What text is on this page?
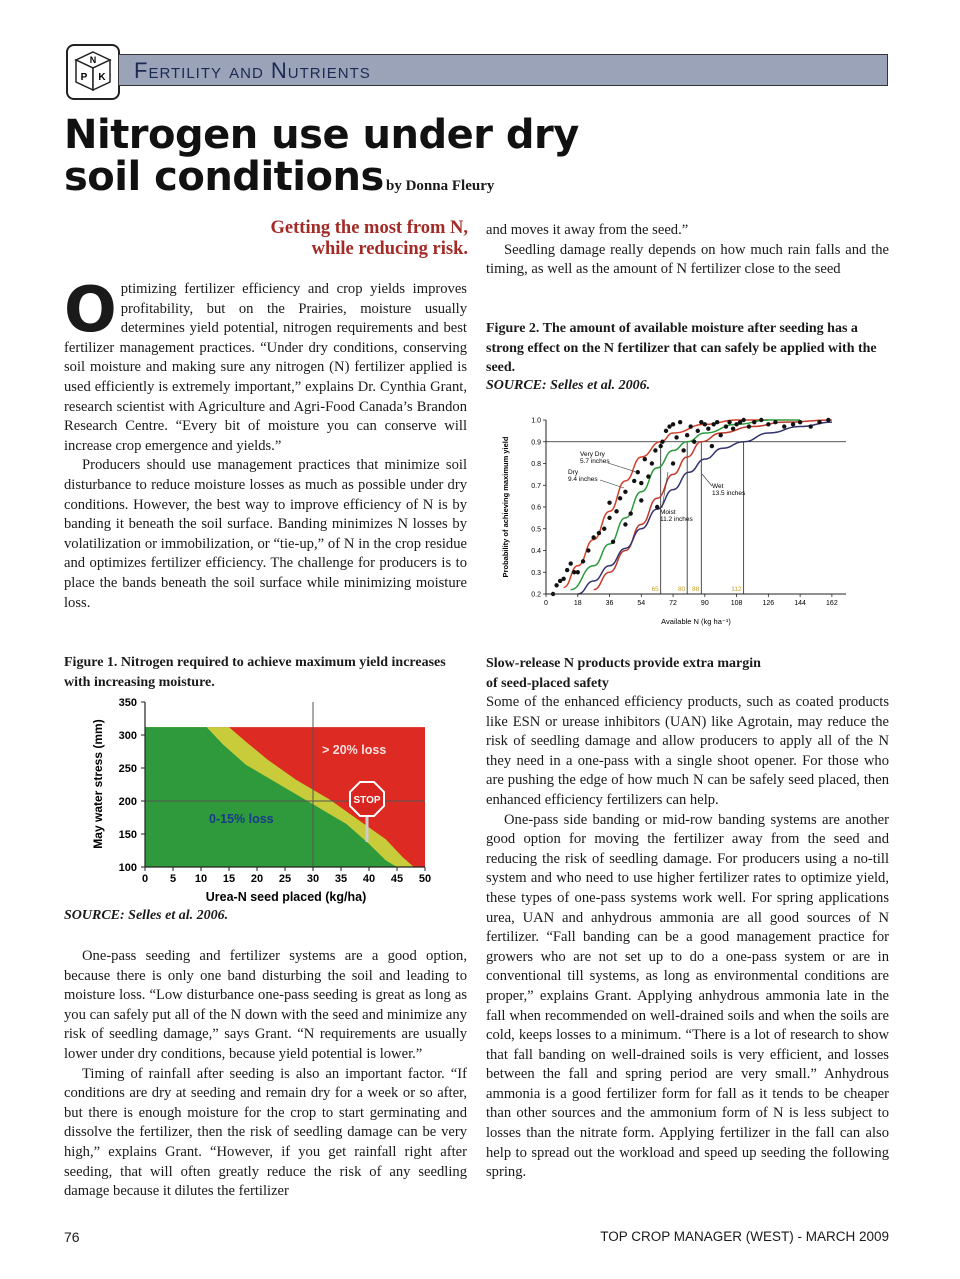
N
P K Fertility and Nutrients
Nitrogen use under dry
soil conditions by Donna Fleury
Getting the most from N,
while reducing risk.

Optimizing fertilizer efficiency and crop yields improves profitability, but on the Prairies, moisture usually determines yield potential, nitrogen requirements and best fertilizer management practices. “Under dry conditions, conserving soil moisture and making sure any nitrogen (N) fertilizer applied is used efficiently is extremely important,” explains Dr. Cynthia Grant, research scientist with Agriculture and Agri-Food Canada’s Brandon Research Centre. “Every bit of moisture you can conserve will increase crop emergence and yields.”

Producers should use management practices that minimize soil disturbance to reduce moisture losses as much as possible under dry conditions. However, the best way to improve efficiency of N is by banding it beneath the soil surface. Banding minimizes N losses by volatilization or immobilization, or “tie-up,” of N in the crop residue and optimizes fertilizer efficiency. The challenge for producers is to place the bands beneath the soil surface while minimizing moisture loss.

Figure 1. Nitrogen required to achieve maximum yield increases with increasing moisture.
0 5 10 15 20 25 30 35 40 45 50
100
150
200
250
300
350
> 20% loss
0-15% loss
STOP
Urea-N seed placed (kg/ha)
May water stress (mm)
SOURCE: Selles et al. 2006.

One-pass seeding and fertilizer systems are a good option, because there is only one band disturbing the soil and leading to moisture loss. “Low disturbance one-pass seeding is great as long as you can safely put all of the N down with the seed and minimize any risk of seedling damage,” says Grant. “N requirements are usually lower under dry conditions, because yield potential is lower.”

Timing of rainfall after seeding is also an important factor. “If conditions are dry at seeding and remain dry for a week or so after, but there is enough moisture for the crop to start germinating and dissolve the fertilizer, then the risk of seedling damage can be very high,” explains Grant. “However, if you get rainfall right after seeding, that will often greatly reduce the risk of any seedling damage because it dilutes the fertilizer

and moves it away from the seed.”

Seedling damage really depends on how much rain falls and the timing, as well as the amount of N fertilizer close to the seed

Figure 2. The amount of available moisture after seeding has a strong effect on the N fertilizer that can safely be applied with the seed.
SOURCE: Selles et al. 2006.
65	80 88	112
0	18	36	54	72	90	108	126	144	162
0.2
0.3
0.4
0.5
0.6
0.7
0.8
0.9
1.0
Very Dry
5.7 inches
Dry
9.4 inches
Wet
13.5 inches
Moist
11.2 inches
Available N (kg ha⁻¹)
Probability of achieving maximum yield
Slow-release N products provide extra margin
of seed-placed safety

Some of the enhanced efficiency products, such as coated products like ESN or urease inhibitors (UAN) like Agrotain, may reduce the risk of seedling damage and allow producers to apply all of the N they need in a one-pass with a single shoot opener. For those who are pushing the edge of how much N can be safely seed placed, then enhanced efficiency fertilizers can help.

One-pass side banding or mid-row banding systems are another good option for moving the fertilizer away from the seed and reducing the risk of seedling damage. For producers using a no-till system and who need to use higher fertilizer rates to optimize yield, these types of one-pass systems work well. For spring applications urea, UAN and anhydrous ammonia are all good sources of N fertilizer. “Fall banding can be a good management practice for growers who are not set up to do a one-pass system or are in conventional till systems, as long as environmental conditions are proper,” explains Grant. Applying anhydrous ammonia late in the fall when recommended on well-drained soils and when the soils are cold, keeps losses to a minimum. “There is a lot of research to show that fall banding on well-drained soils is very efficient, and losses between the fall and spring period are very small.” Anhydrous ammonia is a good fertilizer form for fall as it tends to be cheaper than other sources and the ammonium form of N is less subject to losses than the nitrate form. Applying fertilizer in the fall can also help to spread out the workload and speed up seeding the following spring.

76	TOP CROP MANAGER (WEST) - MARCH 2009
